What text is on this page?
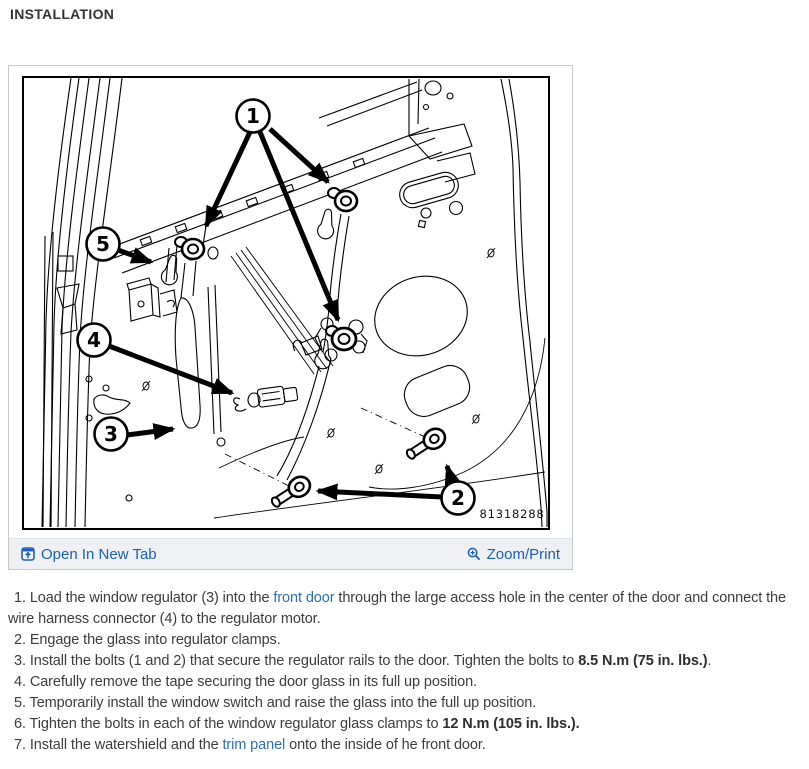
INSTALLATION
1
2
3
4
5
81318288
Open In New Tab	Zoom/Print

1. Load the window regulator (3) into the front door through the large access hole in the center of the door and connect the wire harness connector (4) to the regulator motor.

2. Engage the glass into regulator clamps.

3. Install the bolts (1 and 2) that secure the regulator rails to the door. Tighten the bolts to 8.5 N.m (75 in. lbs.).

4. Carefully remove the tape securing the door glass in its full up position.

5. Temporarily install the window switch and raise the glass into the full up position.

6. Tighten the bolts in each of the window regulator glass clamps to 12 N.m (105 in. lbs.).

7. Install the watershield and the trim panel onto the inside of he front door.
